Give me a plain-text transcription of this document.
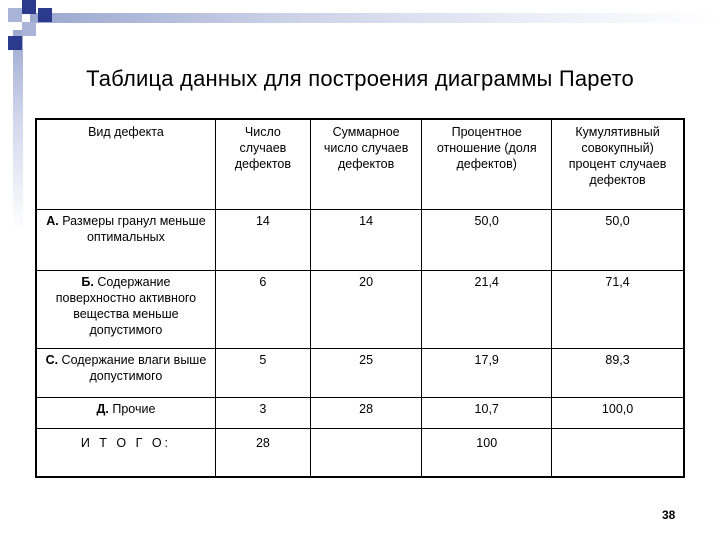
Таблица данных для построения диаграммы Парето
Вид дефекта	Число случаев дефектов	Суммарное число случаев дефектов	Процентное отношение (доля дефектов)	Кумулятивный совокупный) процент случаев дефектов
А. Размеры гранул меньше оптимальных	14	14	50,0	50,0
Б. Содержание поверхностно активного вещества меньше допустимого	6	20	21,4	71,4
С. Содержание влаги выше допустимого	5	25	17,9	89,3
Д. Прочие	3	28	10,7	100,0
И Т О Г О:	28		100	
38
